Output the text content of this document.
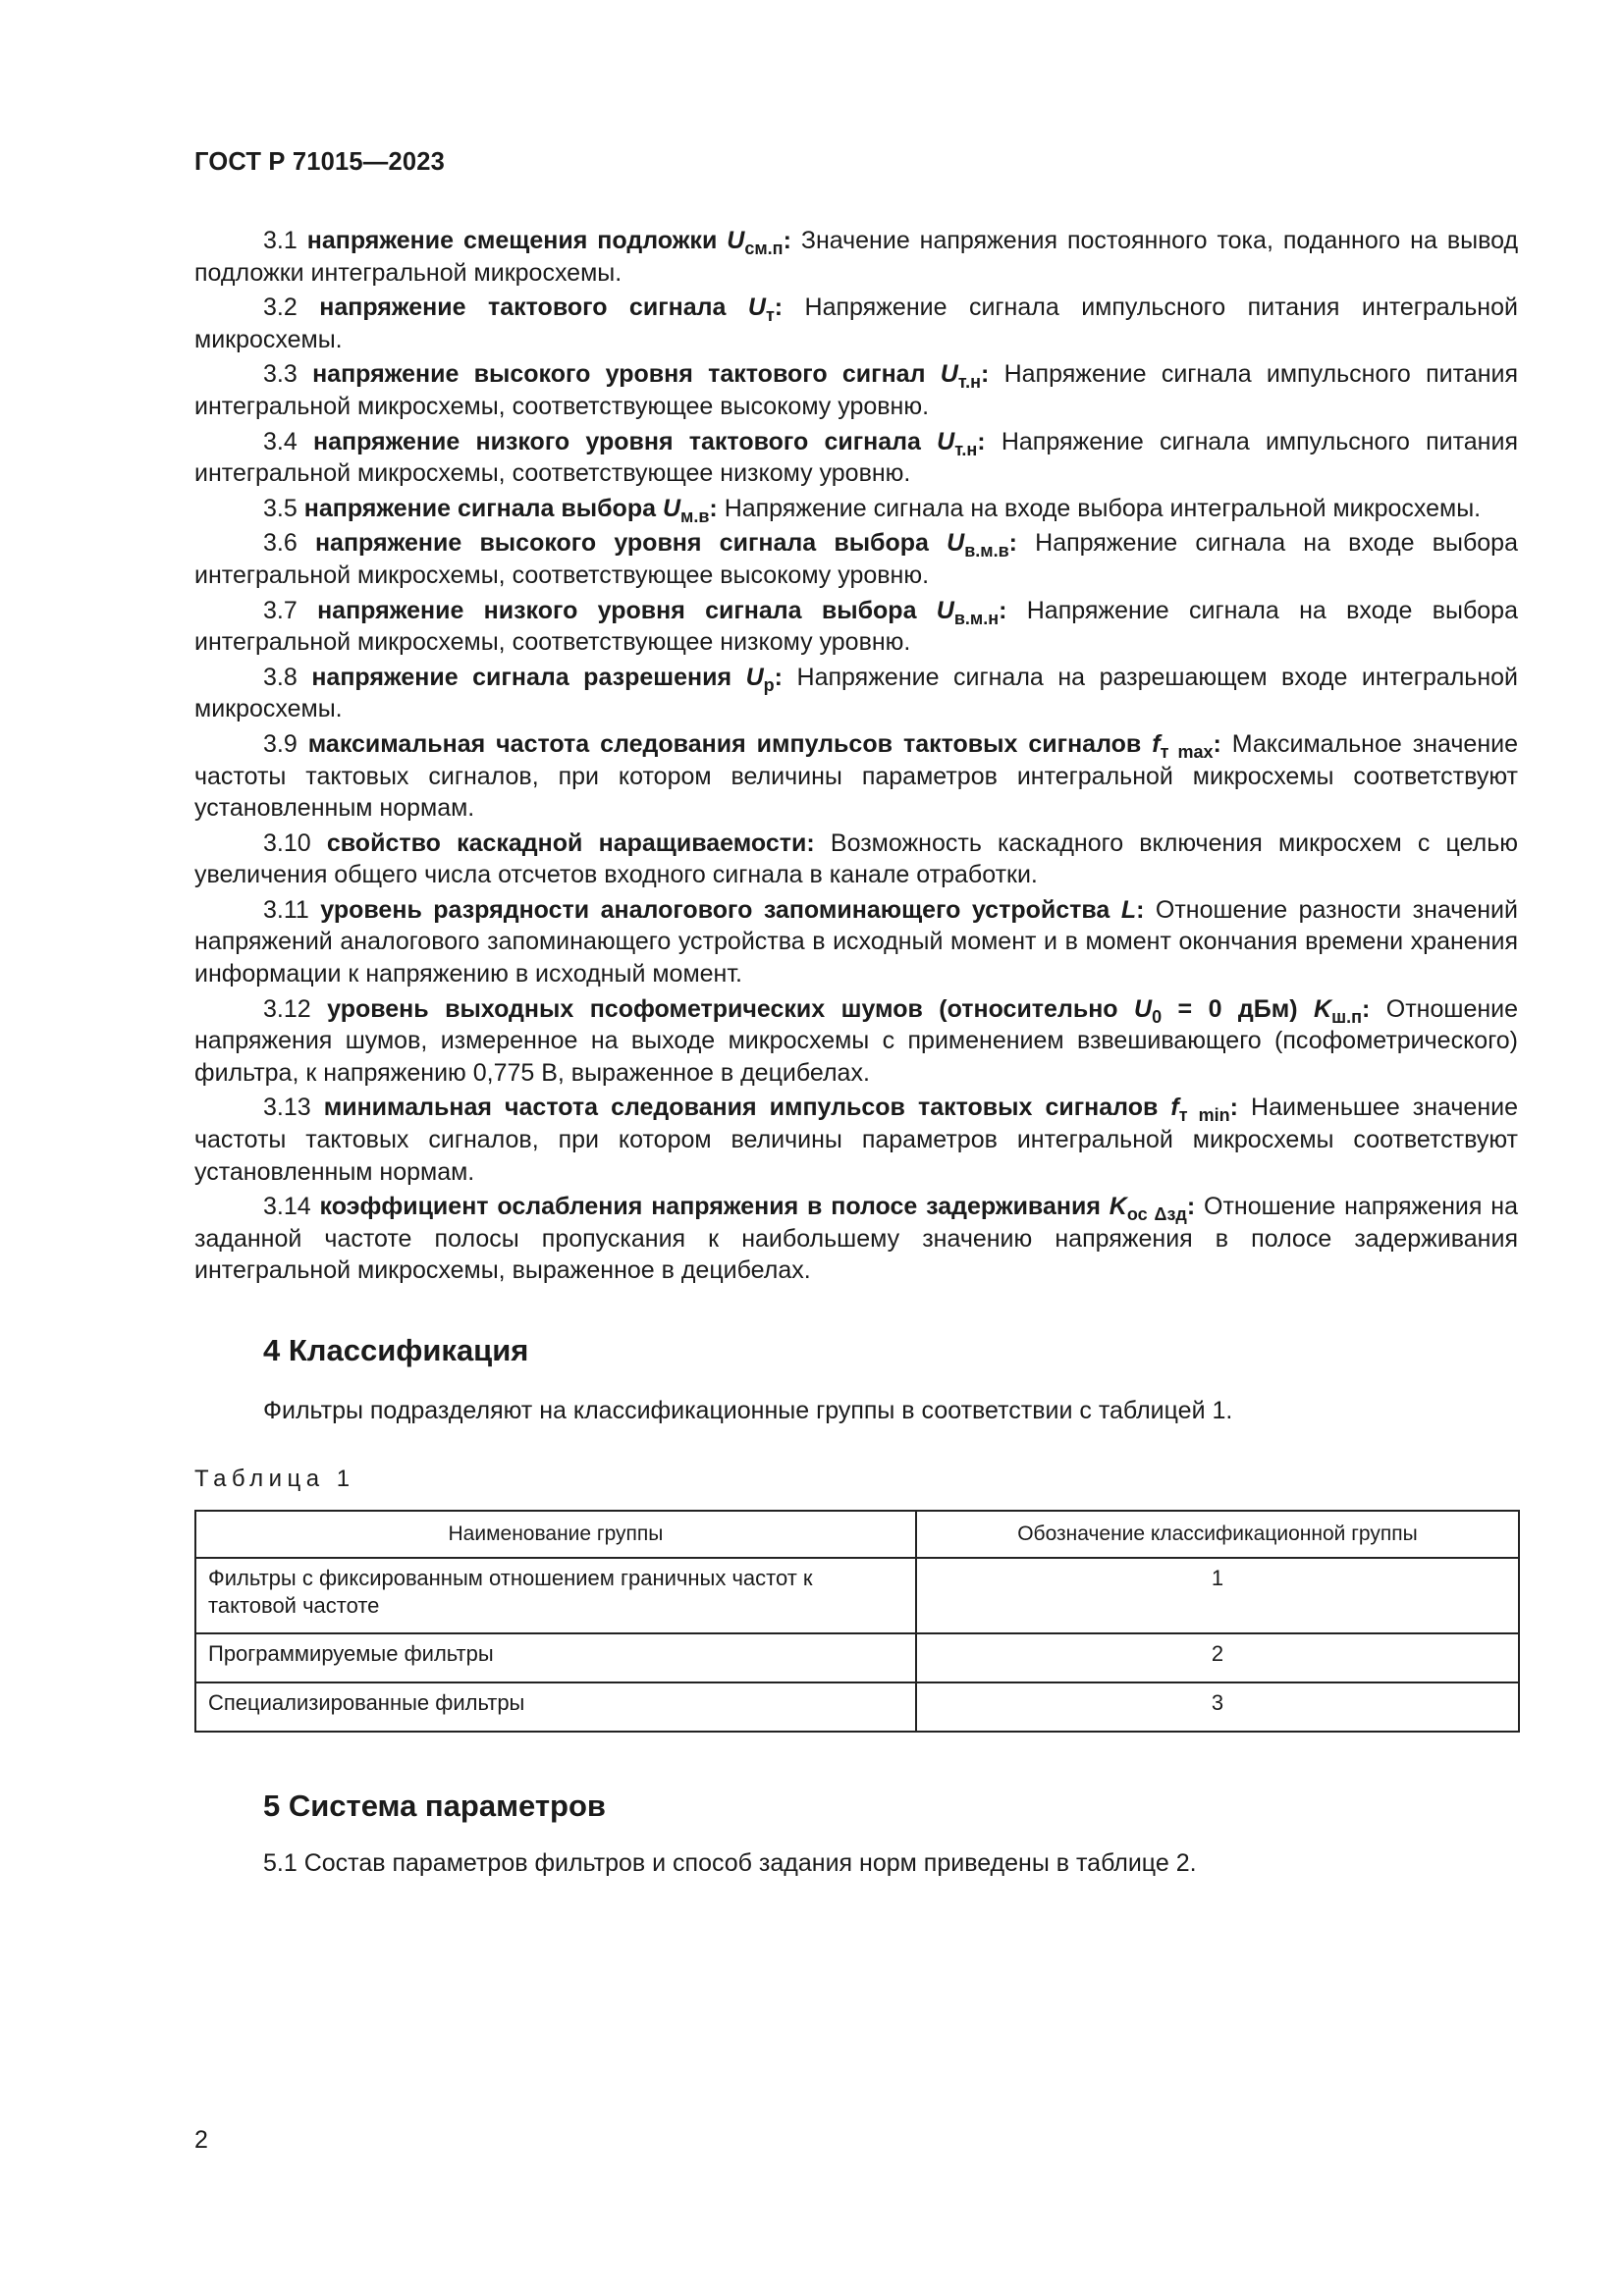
ГОСТ Р 71015—2023

3.1 напряжение смещения подложки $U_{см.п}$: Значение напряжения постоянного тока, поданного на вывод подложки интегральной микросхемы.

3.2 напряжение тактового сигнала $U_т$: Напряжение сигнала импульсного питания интегральной микросхемы.

3.3 напряжение высокого уровня тактового сигнал $U_{т.н}$: Напряжение сигнала импульсного питания интегральной микросхемы, соответствующее высокому уровню.

3.4 напряжение низкого уровня тактового сигнала $U_{т.н}$: Напряжение сигнала импульсного питания интегральной микросхемы, соответствующее низкому уровню.

3.5 напряжение сигнала выбора $U_{м.в}$: Напряжение сигнала на входе выбора интегральной микросхемы.

3.6 напряжение высокого уровня сигнала выбора $U_{в.м.в}$: Напряжение сигнала на входе выбора интегральной микросхемы, соответствующее высокому уровню.

3.7 напряжение низкого уровня сигнала выбора $U_{в.м.н}$: Напряжение сигнала на входе выбора интегральной микросхемы, соответствующее низкому уровню.

3.8 напряжение сигнала разрешения $U_р$: Напряжение сигнала на разрешающем входе интегральной микросхемы.

3.9 максимальная частота следования импульсов тактовых сигналов $f_{т max}$: Максимальное значение частоты тактовых сигналов, при котором величины параметров интегральной микросхемы соответствуют установленным нормам.

3.10 свойство каскадной наращиваемости: Возможность каскадного включения микросхем с целью увеличения общего числа отсчетов входного сигнала в канале отработки.

3.11 уровень разрядности аналогового запоминающего устройства L: Отношение разности значений напряжений аналогового запоминающего устройства в исходный момент и в момент окончания времени хранения информации к напряжению в исходный момент.

3.12 уровень выходных псофометрических шумов (относительно $U_0 = 0$ дБм) $K_{ш.п}$: Отношение напряжения шумов, измеренное на выходе микросхемы с применением взвешивающего (псофометрического) фильтра, к напряжению 0,775 В, выраженное в децибелах.

3.13 минимальная частота следования импульсов тактовых сигналов $f_{т min}$: Наименьшее значение частоты тактовых сигналов, при котором величины параметров интегральной микросхемы соответствуют установленным нормам.

3.14 коэффициент ослабления напряжения в полосе задерживания $K_{ос \Delta зд}$: Отношение напряжения на заданной частоте полосы пропускания к наибольшему значению напряжения в полосе задерживания интегральной микросхемы, выраженное в децибелах.

4 Классификация
Фильтры подразделяют на классификационные группы в соответствии с таблицей 1.
Таблица 1
Наименование группы	Обозначение классификационной группы
Фильтры с фиксированным отношением граничных частот к тактовой частоте	1
Программируемые фильтры	2
Специализированные фильтры	3
5 Система параметров
5.1 Состав параметров фильтров и способ задания норм приведены в таблице 2.
2
